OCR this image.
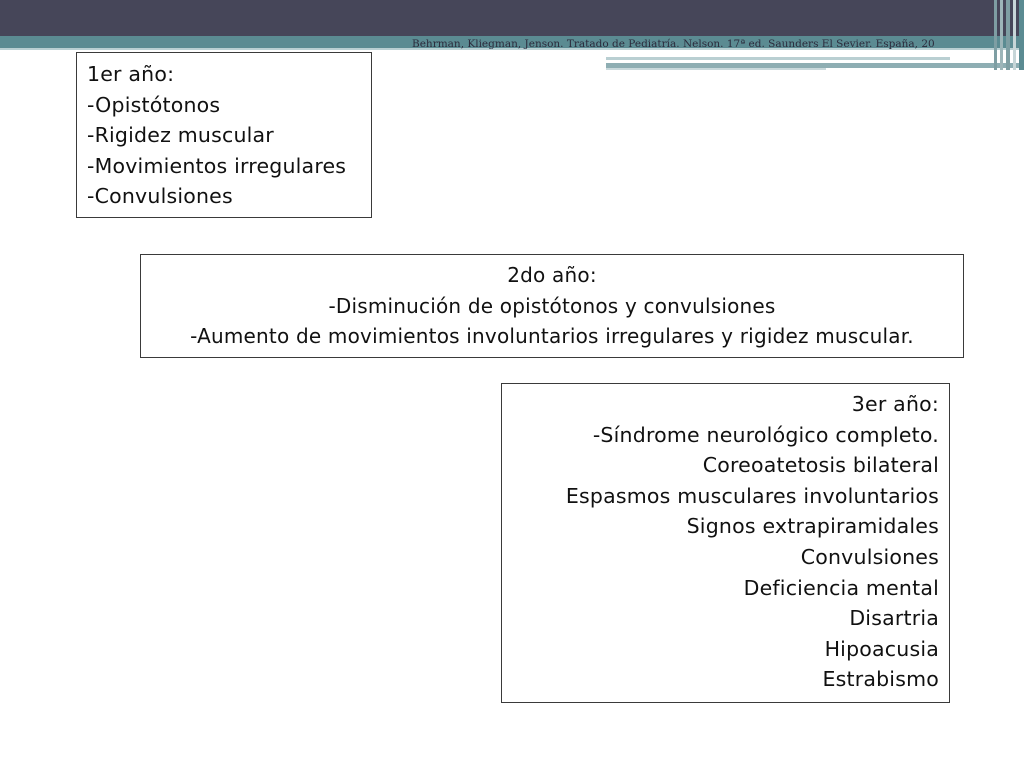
Behrman, Kliegman, Jenson. Tratado de Pediatría. Nelson. 17ª ed. Saunders El Sevier. España, 20
1er año:
-Opistótonos
-Rigidez muscular
-Movimientos irregulares
-Convulsiones
2do año:
-Disminución de opistótonos y convulsiones
-Aumento de movimientos involuntarios irregulares y rigidez muscular.
3er año:
-Síndrome neurológico completo.
Coreoatetosis bilateral
Espasmos musculares involuntarios
Signos extrapiramidales
Convulsiones
Deficiencia mental
Disartria
Hipoacusia
Estrabismo
